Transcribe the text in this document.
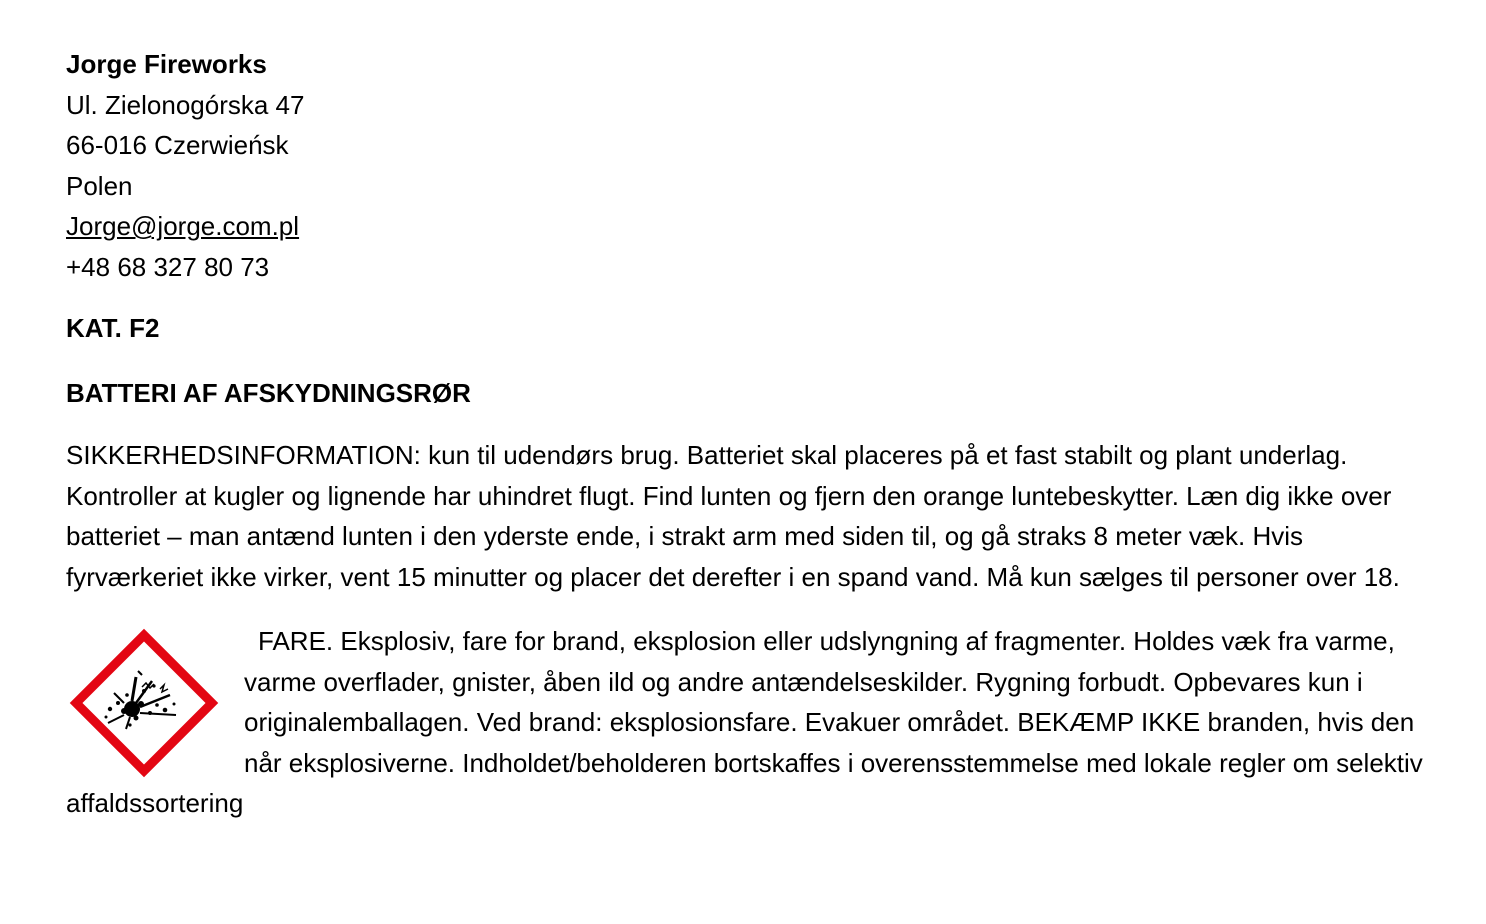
Jorge Fireworks

Ul. Zielonogórska 47

66-016 Czerwieńsk

Polen

Jorge@jorge.com.pl

+48 68 327 80 73

KAT. F2

BATTERI AF AFSKYDNINGSRØR

SIKKERHEDSINFORMATION: kun til udendørs brug. Batteriet skal placeres på et fast stabilt og plant underlag. Kontroller at kugler og lignende har uhindret flugt. Find lunten og fjern den orange luntebeskytter. Læn dig ikke over batteriet – man antænd lunten i den yderste ende, i strakt arm med siden til, og gå straks 8 meter væk. Hvis fyrværkeriet ikke virker, vent 15 minutter og placer det derefter i en spand vand. Må kun sælges til personer over 18.

FARE. Eksplosiv, fare for brand, eksplosion eller udslyngning af fragmenter. Holdes væk fra varme, varme overflader, gnister, åben ild og andre antændelseskilder. Rygning forbudt. Opbevares kun i originalemballagen. Ved brand: eksplosionsfare. Evakuer området. BEKÆMP IKKE branden, hvis den når eksplosiverne. Indholdet/beholderen bortskaffes i overensstemmelse med lokale regler om selektiv affaldssortering
